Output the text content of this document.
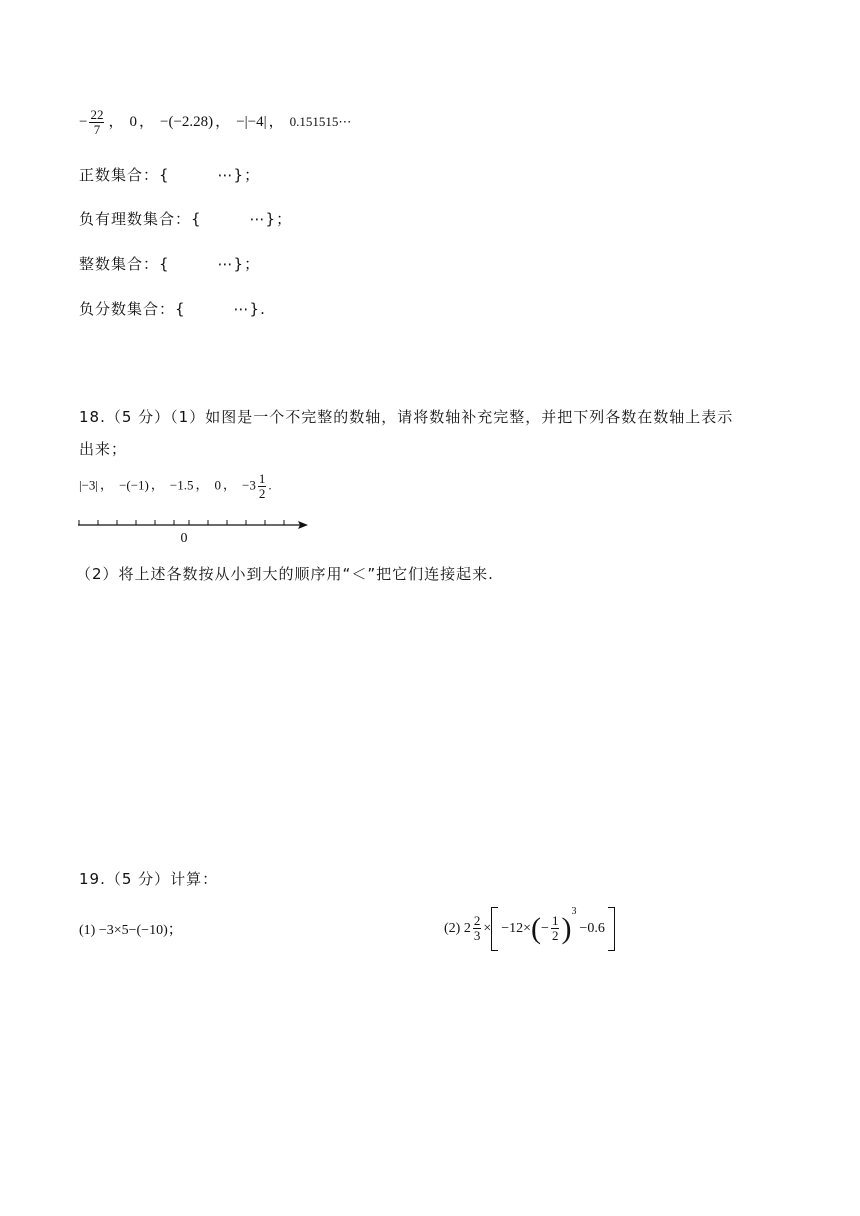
− $\frac{22}{7}$ ， 0 ， −(−2.28) ， −|−4| ， 0.151515⋯
正数集合：{	⋯}；
负有理数集合：{	⋯}；
整数集合：{	⋯}；
负分数集合：{	⋯}.
18.（5 分）（1）如图是一个不完整的数轴，请将数轴补充完整，并把下列各数在数轴上表示
出来；
|−3| ， −(−1) ， −1.5 ， 0 ， $-3 \frac{1}{2}$ .
0
（2）将上述各数按从小到大的顺序用“＜”把它们连接起来.
19.（5 分）计算：
(1) −3×5−(−10)；	(2) $2 \frac{2}{3} \times -12\times(- \frac{1}{2} )^3-0.6$
